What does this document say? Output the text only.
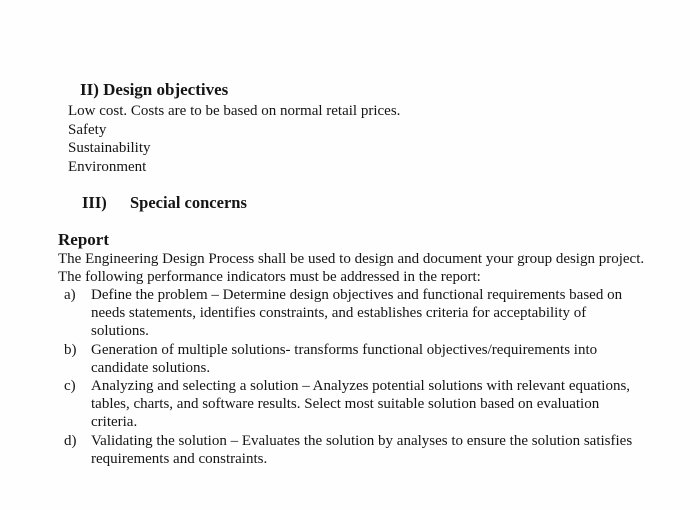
II) Design objectives
Low cost. Costs are to be based on normal retail prices.
Safety
Sustainability
Environment
III) Special concerns
Report

The Engineering Design Process shall be used to design and document your group design project. The following performance indicators must be addressed in the report:

a) Define the problem – Determine design objectives and functional requirements based on needs statements, identifies constraints, and establishes criteria for acceptability of solutions.
b) Generation of multiple solutions- transforms functional objectives/requirements into candidate solutions.
c) Analyzing and selecting a solution – Analyzes potential solutions with relevant equations, tables, charts, and software results. Select most suitable solution based on evaluation criteria.
d) Validating the solution – Evaluates the solution by analyses to ensure the solution satisfies requirements and constraints.
